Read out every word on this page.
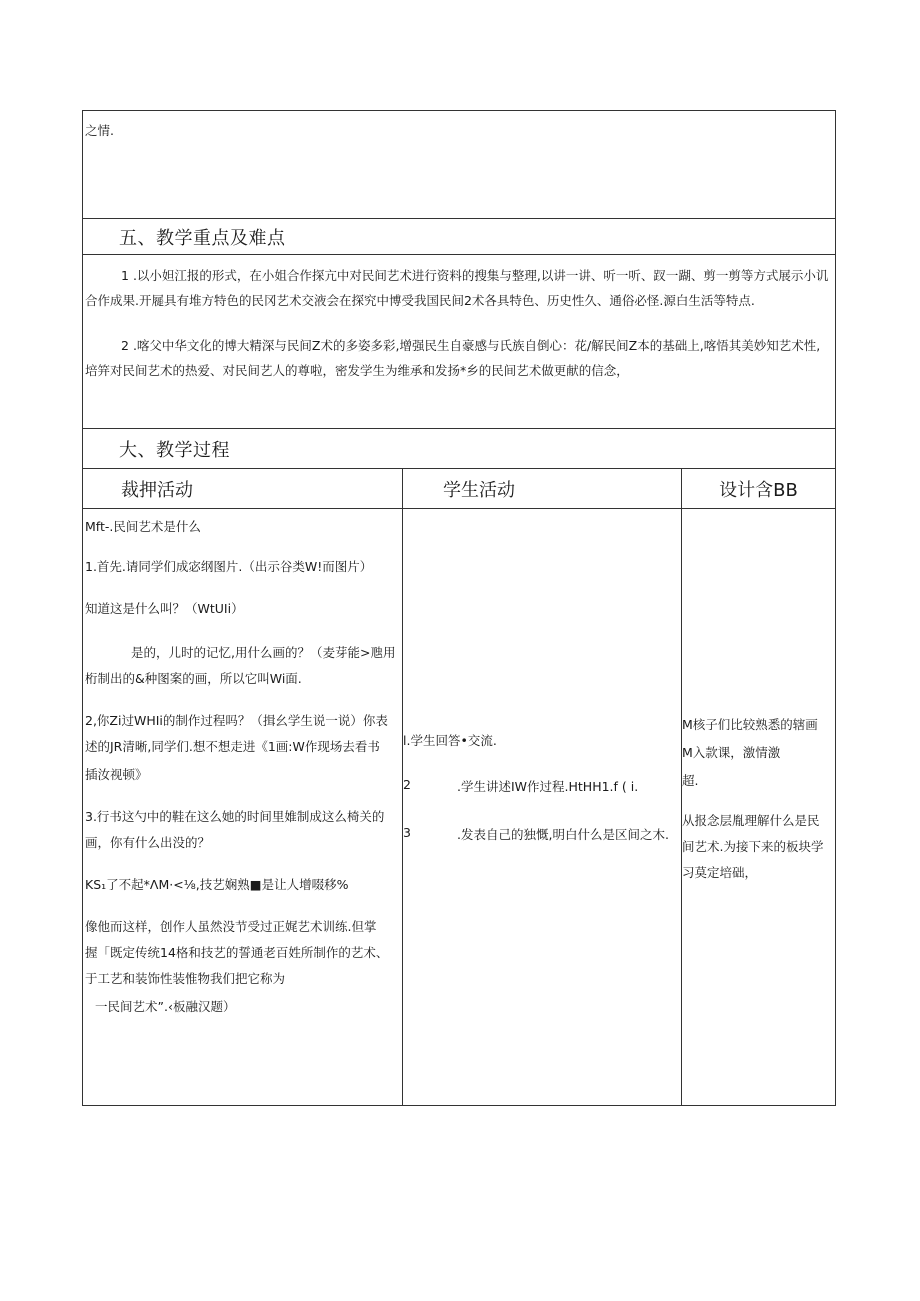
之情.
五、教学重点及难点
1 .以小妲江报的形式，在小姐合作探亢中对民间艺术进行资料的搜集与整理,以讲一讲、听一听、䟕一䠒、剪一剪等方式展示小讥合作成果.开屣具有堆方特色的民冈艺术交液会在探究中博受我国民间2术各具特色、历史性久、通俗必怪.源白生活等特点.
2 .喀父中华文化的博大精深与民间Z术的多姿多彩,增强民生自豪感与氏族自倒心：花/解民间Z本的基础上,喀悟其美妙知艺术性,培笄对民间艺术的热爱、对民间艺人的尊啦，密发学生为维承和发扬*乡的民间艺术做更献的信念，
大、教学过程
裁押活动	学生活动	设计含BB
Mft-.民间艺术是什么
1.首先.请同学们成宓纲图片.（出示谷类W!而图片）
知道这是什么叫？（WtUIi）
是的，儿时的记忆,用什么画的？（麦芽能>虺用
桁制出的&种图案的画，所以它叫Wi面.
2,你Zi过WHIi的制作过程吗？（揖幺学生说一说）你表
述的JR清晰,同学们.想不想走进《1画:W作现场去看书
插汝视顿》
3.行书这勺中的鞋在这么她的时间里婎制成这么椅关的
画，你有什么出没的？
KS₁了不起*ΛM·<⅛,技艺娴熟■是让人增啜移%
像他而这样，创作人虽然没节受过正娓艺术训练.但掌
握「既定传统14格和技艺的誓通老百姓所制作的艺术、
于工艺和装饰性装惟物我们把它称为
一民间艺术”.‹板融汉题）
l.学生回答•交流.
2	.学生讲述IW作过程.HtHH1.f ( i.
3	.发表自己的独慨,明白什么是区间之木.
M核子们比较熟悉的辖画
M入款课，激情激
超.
从报念层胤理解什么是民
间艺术.为接下来的板块学
习莫定培础，
